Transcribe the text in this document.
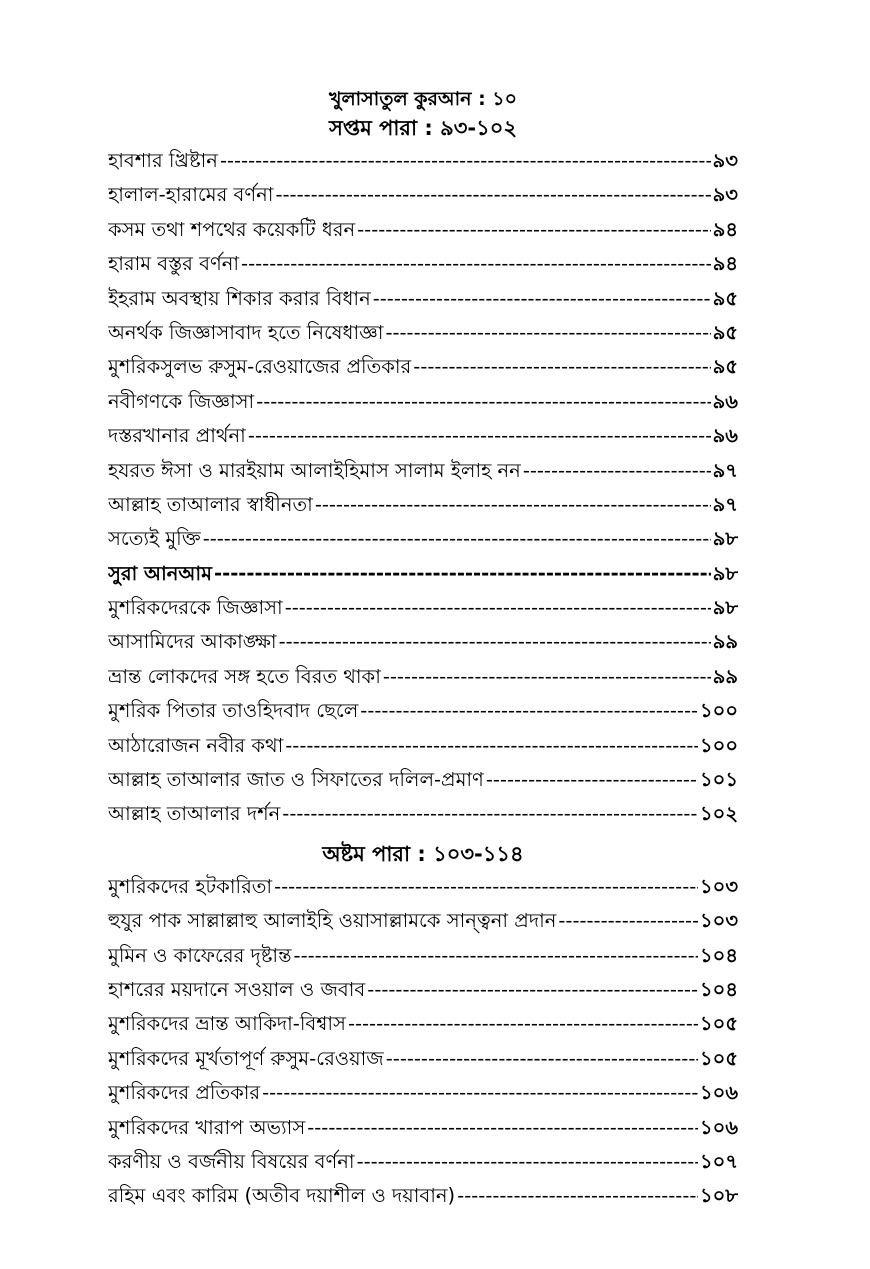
খুলাসাতুল কুরআন : ১০
সপ্তম পারা : ৯৩-১০২
হাবশার খ্রিষ্টান -----	৯৩
হালাল-হারামের বর্ণনা -----	৯৩
কসম তথা শপথের কয়েকটি ধরন -----	৯৪
হারাম বস্তুর বর্ণনা -----	৯৪
ইহরাম অবস্থায় শিকার করার বিধান -----	৯৫
অনর্থক জিজ্ঞাসাবাদ হতে নিষেধাজ্ঞা -----	৯৫
মুশরিকসুলভ রুসুম-রেওয়াজের প্রতিকার -----	৯৫
নবীগণকে জিজ্ঞাসা -----	৯৬
দস্তরখানার প্রার্থনা -----	৯৬
হযরত ঈসা ও মারইয়াম আলাইহিমাস সালাম ইলাহ নন -----	৯৭
আল্লাহ তাআলার স্বাধীনতা -----	৯৭
সত্যেই মুক্তি -----	৯৮
সুরা আনআম -----	৯৮
মুশরিকদেরকে জিজ্ঞাসা -----	৯৮
আসামিদের আকাঙ্ক্ষা -----	৯৯
ভ্রান্ত লোকদের সঙ্গ হতে বিরত থাকা -----	৯৯
মুশরিক পিতার তাওহিদবাদ ছেলে -----	১০০
আঠারোজন নবীর কথা -----	১০০
আল্লাহ তাআলার জাত ও সিফাতের দলিল-প্রমাণ -----	১০১
আল্লাহ তাআলার দর্শন -----	১০২
অষ্টম পারা : ১০৩-১১৪
মুশরিকদের হটকারিতা -----	১০৩
হুযুর পাক সাল্লাল্লাহু আলাইহি ওয়াসাল্লামকে সান্ত্বনা প্রদান -----	১০৩
মুমিন ও কাফেরের দৃষ্টান্ত -----	১০৪
হাশরের ময়দানে সওয়াল ও জবাব -----	১০৪
মুশরিকদের ভ্রান্ত আকিদা-বিশ্বাস -----	১০৫
মুশরিকদের মূর্খতাপূর্ণ রুসুম-রেওয়াজ -----	১০৫
মুশরিকদের প্রতিকার -----	১০৬
মুশরিকদের খারাপ অভ্যাস -----	১০৬
করণীয় ও বর্জনীয় বিষয়ের বর্ণনা -----	১০৭
রহিম এবং কারিম (অতীব দয়াশীল ও দয়াবান) -----	১০৮
